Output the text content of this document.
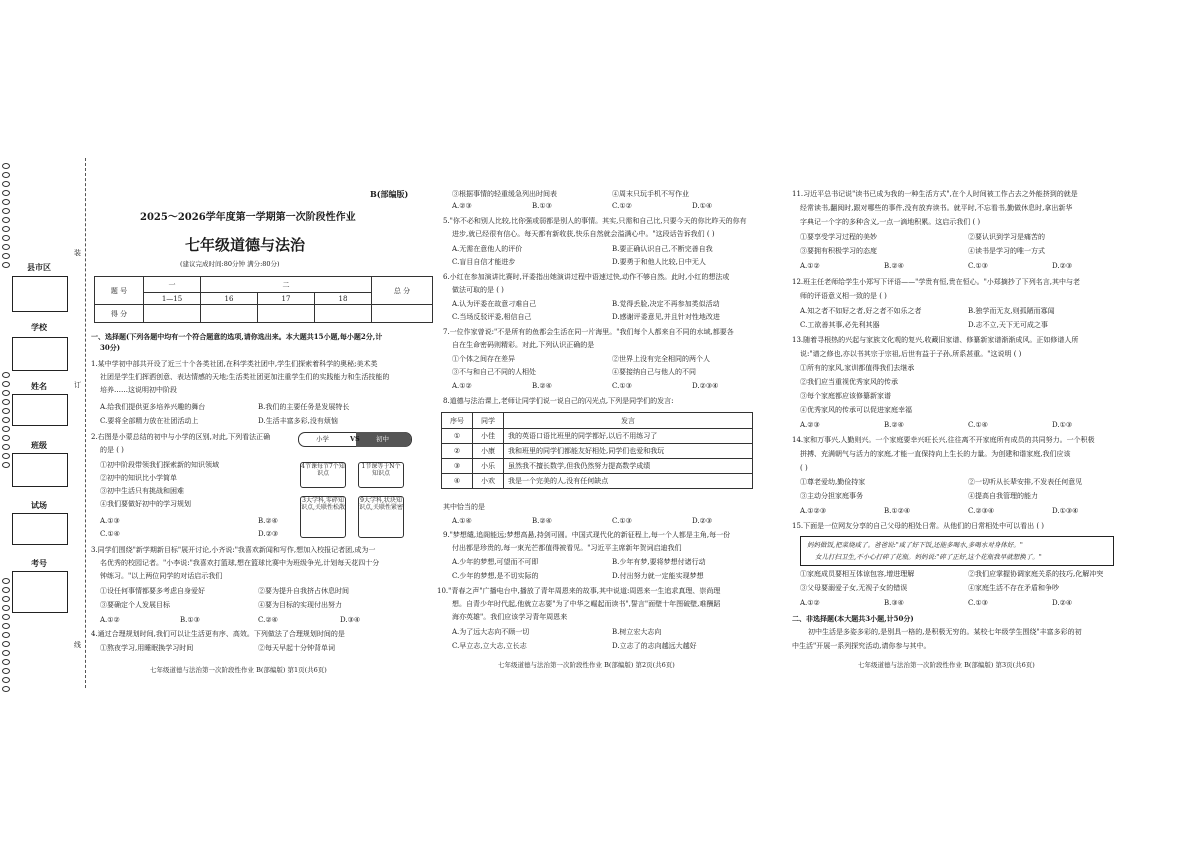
县市区
学校
姓名
班级
试场
考号
装
订
线
B(部编版)
2025～2026学年度第一学期第一次阶段性作业
七年级道德与法治
(建议完成时间:80分钟 满分:80分)
题 号	一	二			总 分
	1—15	16	17	18	
得 分					
一、选择题(下列各题中均有一个符合题意的选项,请你选出来。本大题共15小题,每小题2分,计
30分)
1.某中学初中部共开设了近三十个各类社团,在科学类社团中,学生们探索着科学的奥秘;美术类
社团是学生们挥洒创意、表达情感的天地;生活类社团更加注重学生们的实践能力和生活技能的
培养……这说明初中阶段
A.给我们提供更多培养兴趣的舞台	B.我们的主要任务是发展特长
C.要将全部精力放在社团活动上	D.生活丰富多彩,没有烦恼
2.右图是小蒙总结的初中与小学的区别,对此,下列看法正确
的是 ( )
①初中阶段带领我们探索新的知识领域
②初中的知识比小学简单
③初中生活只有挑战和困难
④我们要做好初中的学习规划
A.①③	B.②④
C.①④	D.②③
小学	VS	初中
4节课每节7个知识点
1节课等于N个知识点
3大学科,零碎知识点,关联性松散
9大学科,状块知识点,关联性紧密
3.同学们围绕"新学期新目标"展开讨论,小齐说:"我喜欢新闻和写作,想加入校报记者团,成为一
名优秀的校园记者。"小李说:"我喜欢打篮球,想在篮球比赛中为班级争光,计划每天花四十分
钟练习。"以上两位同学的对话启示我们
①设任何事情都要多考虑自身爱好	②要为提升自我挤占休息时间
③要确定个人发展目标	④要为目标的实现付出努力
A.①②	B.①③	C.②④	D.③④
4.通过合理规划时间,我们可以让生活更有序、高效。下列做法了合理规划时间的是
①熬夜学习,用睡眠换学习时间	②每天早起十分钟背单词
七年级道德与法治第一次阶段性作业 B(部编版) 第1页(共6页)
③根据事情的轻重缓急列出时间表	④周末只玩手机不写作业
A.②③	B.①③	C.①②	D.①④
5."你不必和别人比较,比你强或弱都是别人的事情。其实,只需和自己比,只要今天的你比昨天的你有
进步,就已经很有信心。每天都有新收获,快乐自然就会溢满心中。"这段话告诉我们 ( )
A.无需在意他人的评价	B.要正确认识自己,不断完善自我
C.盲目自信才能进步	D.要勇于和他人比较,日中无人
6.小红在参加演讲比赛时,评委指出她演讲过程中语速过快,动作不够自然。此时,小红的想法或
做法可取的是 ( )
A.认为评委在故意刁难自己	B.觉得丢脸,决定不再参加类似活动
C.当场反驳评委,相信自己	D.感谢评委意见,并且针对性地改进
7.一位作家曾说:"不是所有的鱼都会生活在同一片海里。"我们每个人都来自不同的水域,都要各
自在生命密码则精彩。对此,下列认识正确的是
①个体之间存在差异	②世界上没有完全相同的两个人
③不与和自己不同的人相处	④要接纳自己与他人的不同
A.①②	B.②④	C.①③	D.②③④
8.道德与法治课上,老师让同学们说一说自己的闪光点,下列是同学们的发言:
序号	同学	发言
①	小佳	我的英语口语比班里的同学都好,以后不用练习了
②	小康	我和班里的同学们都能友好相处,同学们也爱和我玩
③	小乐	虽然我不擅长数学,但我仍然努力提高数学成绩
④	小欢	我是一个完美的人,没有任何缺点
其中恰当的是
A.①④	B.②④	C.①③	D.②③
9."梦想缱,追阁能远;梦想高悬,持剑可圆。中国式现代化的新征程上,每一个人都是主角,每一份
付出都是珍贵的,每一束光芒都值得被看见。"习近平主席新年贺词启迪我们
A.少年的梦想,可望而不可即	B.少年有梦,要将梦想付诸行动
C.少年的梦想,是不切实际的	D.付出努力就一定能实现梦想
10."青春之声"广播电台中,播放了青年周恩来的故事,其中说道:周恩来一生追求真理、崇尚理
想。自青少年时代起,他就立志要"为了中华之崛起而读书",誓言"面壁十年图破壁,难酬蹈
海亦英雄"。我们应该学习青年周恩来
A.为了远大志向不顾一切	B.树立宏大志向
C.早立志,立大志,立长志	D.立志了的志向越远大越好
七年级道德与法治第一次阶段性作业 B(部编版) 第2页(共6页)
11.习近平总书记说"读书已成为我的一种生活方式",在个人时间被工作占去之外能挤到的就是
经常读书,翻阅时,跟对哪些的事件,没有放弃读书。就平时,不忘看书,勤做休息时,拿出新华
字典记一个字的多种含义,一点一滴地积累。这启示我们 ( )
①要享受学习过程的美妙	②要认识到学习是痛苦的
③要拥有积极学习的态度	④读书是学习的唯一方式
A.①②	B.②④	C.①③	D.②③
12.班主任老师给学生小郑写下评语——"学贵有恒,贵在恒心。"小郑摘抄了下列名言,其中与老
师的评语意义相一致的是 ( )
A.知之者不如好之者,好之者不如乐之者	B.独学而无友,则孤陋而寡闻
C.工欲善其事,必先利其器	D.志不立,天下无可成之事
13.随着寻根热的兴起与家族文化观的复兴,收藏旧家谱、修纂新家谱渐渐成风。正如修谱人所
说:"谱之修也,亦以书其宗于宗祖,后世有益于子孙,所系甚重。"这说明 ( )
①所有的家风,家训都值得我们去继承
②我们应当重视优秀家风的传承
③每个家庭都应该修纂新家谱
④优秀家风的传承可以促进家庭幸福
A.②③	B.②④	C.①④	D.①③
14.家和万事兴,人勤则兴。一个家庭要幸兴旺长兴,往往离不开家庭所有成员的共同努力。一个积极
拼搏、充满朝气与活力的家庭,才能一直保持向上生长的力量。为创建和谐家庭,我们应该
( )
①尊老爱幼,勤俭持家	②一切听从长辈安排,不发表任何意见
③主动分担家庭事务	④提高自我管理的能力
A.①②③	B.①②④	C.②③④	D.①③④
15.下面是一位网友分享的自己父母的相处日常。从他们的日常相处中可以看出 ( )
妈妈做饭,把菜烧咸了。爸爸说:"咸了好下饭,还能多喝水,多喝水对身体好。"
女儿打扫卫生,不小心打碎了花瓶。妈妈说:"碎了正好,这个花瓶我早就想换了。"
①家庭成员要相互体谅包容,增进理解	②我们应掌握协调家庭关系的技巧,化解冲突
③父母要溺爱子女,无视子女的错误	④家庭生活不存在矛盾和争吵
A.①②	B.③④	C.①③	D.②④
二、非选择题(本大题共3小题,计50分)
初中生活是多姿多彩的,是别具一格的,是积极无穷的。某校七年级学生围绕"丰富多彩的初
中生活"开展一系列探究活动,请你参与其中。
七年级道德与法治第一次阶段性作业 B(部编版) 第3页(共6页)
